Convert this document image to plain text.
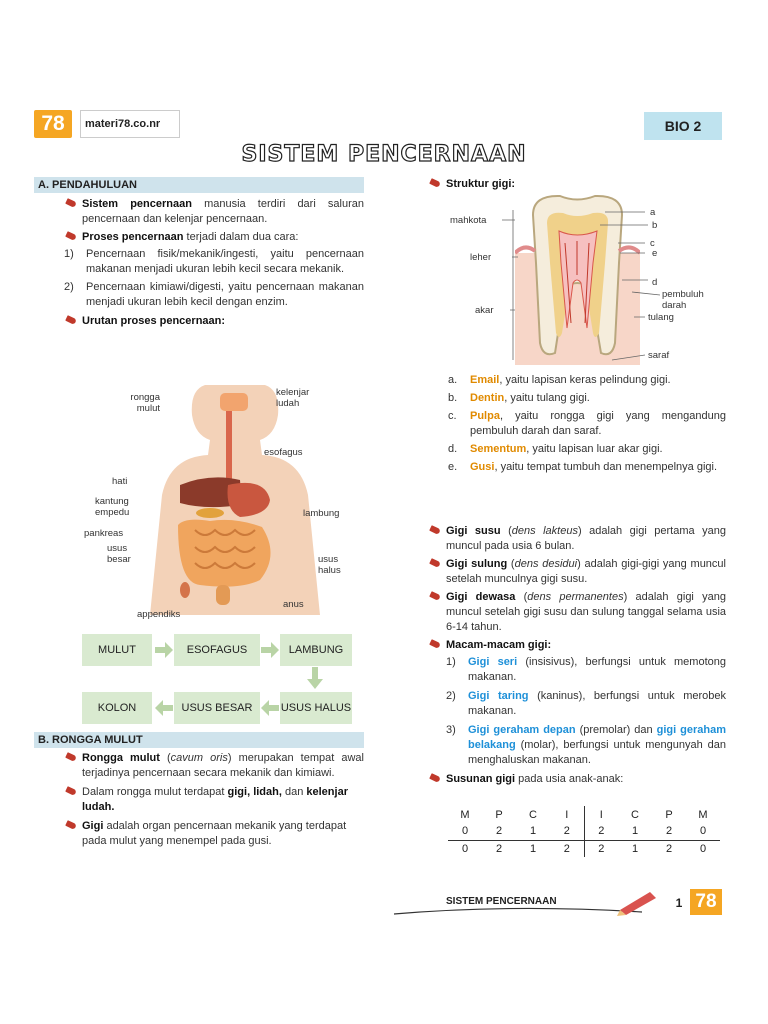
78	materi78.co.nr	BIO 2
SISTEM PENCERNAAN
A. PENDAHULUAN
Sistem pencernaan manusia terdiri dari saluran pencernaan dan kelenjar pencernaan.
Proses pencernaan terjadi dalam dua cara:
1) Pencernaan fisik/mekanik/ingesti, yaitu pencernaan makanan menjadi ukuran lebih kecil secara mekanik.
2) Pencernaan kimiawi/digesti, yaitu pencernaan makanan menjadi ukuran lebih kecil dengan enzim.
Urutan proses pencernaan:
rongga mulut
kelenjar ludah
esofagus
hati
kantung empedu	lambung
pankreas
usus besar	usus halus
anus
appendiks
MULUT	ESOFAGUS	LAMBUNG
KOLON	USUS BESAR	USUS HALUS
B. RONGGA MULUT
Rongga mulut (cavum oris) merupakan tempat awal terjadinya pencernaan secara mekanik dan kimiawi.
Dalam rongga mulut terdapat gigi, lidah, dan kelenjar ludah.
Gigi adalah organ pencernaan mekanik yang terdapat pada mulut yang menempel pada gusi.
Struktur gigi:
mahkota
leher
akar
a
b
c
e
d
pembuluh darah
tulang
saraf
a. Email, yaitu lapisan keras pelindung gigi.
b. Dentin, yaitu tulang gigi.
c. Pulpa, yaitu rongga gigi yang mengandung pembuluh darah dan saraf.
d. Sementum, yaitu lapisan luar akar gigi.
e. Gusi, yaitu tempat tumbuh dan menempelnya gigi.
Gigi susu (dens lakteus) adalah gigi pertama yang muncul pada usia 6 bulan.
Gigi sulung (dens desidui) adalah gigi-gigi yang muncul setelah munculnya gigi susu.
Gigi dewasa (dens permanentes) adalah gigi yang muncul setelah gigi susu dan sulung tanggal selama usia 6-14 tahun.
Macam-macam gigi:
1) Gigi seri (insisivus), berfungsi untuk memotong makanan.
2) Gigi taring (kaninus), berfungsi untuk merobek makanan.
3) Gigi geraham depan (premolar) dan gigi geraham belakang (molar), berfungsi untuk mengunyah dan menghaluskan makanan.
Susunan gigi pada usia anak-anak:
M	P	C	I	I	C	P	M
0	2	1	2	2	1	2	0
0	2	1	2	2	1	2	0
SISTEM PENCERNAAN	1 78
